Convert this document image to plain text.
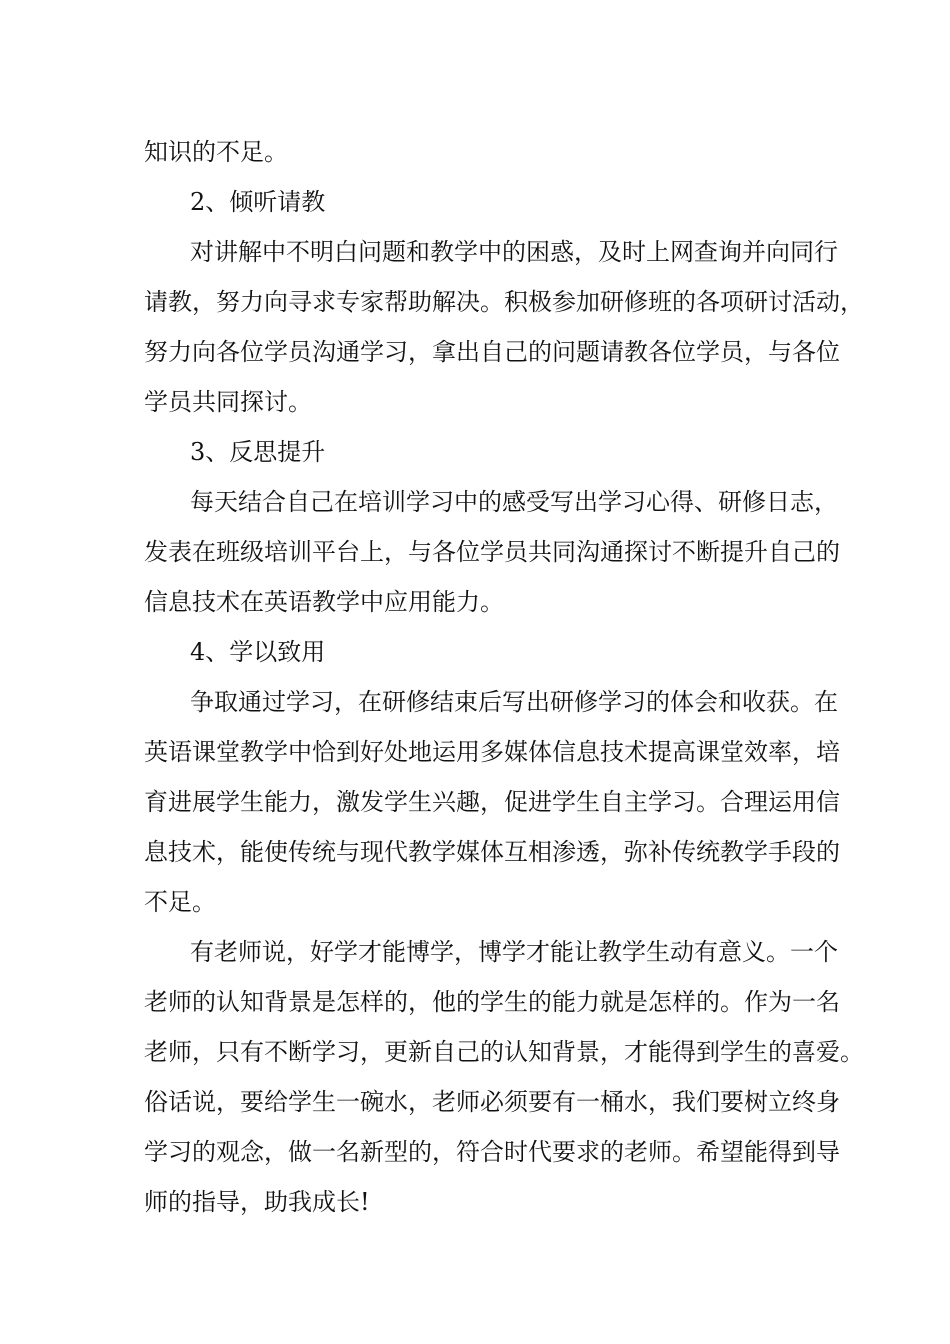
知识的不足。
2、倾听请教
对讲解中不明白问题和教学中的困惑，及时上网查询并向同行
请教，努力向寻求专家帮助解决。积极参加研修班的各项研讨活动，
努力向各位学员沟通学习，拿出自己的问题请教各位学员，与各位
学员共同探讨。
3、反思提升
每天结合自己在培训学习中的感受写出学习心得、研修日志，
发表在班级培训平台上，与各位学员共同沟通探讨不断提升自己的
信息技术在英语教学中应用能力。
4、学以致用
争取通过学习，在研修结束后写出研修学习的体会和收获。在
英语课堂教学中恰到好处地运用多媒体信息技术提高课堂效率，培
育进展学生能力，激发学生兴趣，促进学生自主学习。合理运用信
息技术，能使传统与现代教学媒体互相渗透，弥补传统教学手段的
不足。
有老师说，好学才能博学，博学才能让教学生动有意义。一个
老师的认知背景是怎样的，他的学生的能力就是怎样的。作为一名
老师，只有不断学习，更新自己的认知背景，才能得到学生的喜爱。
俗话说，要给学生一碗水，老师必须要有一桶水，我们要树立终身
学习的观念，做一名新型的，符合时代要求的老师。希望能得到导
师的指导，助我成长!
